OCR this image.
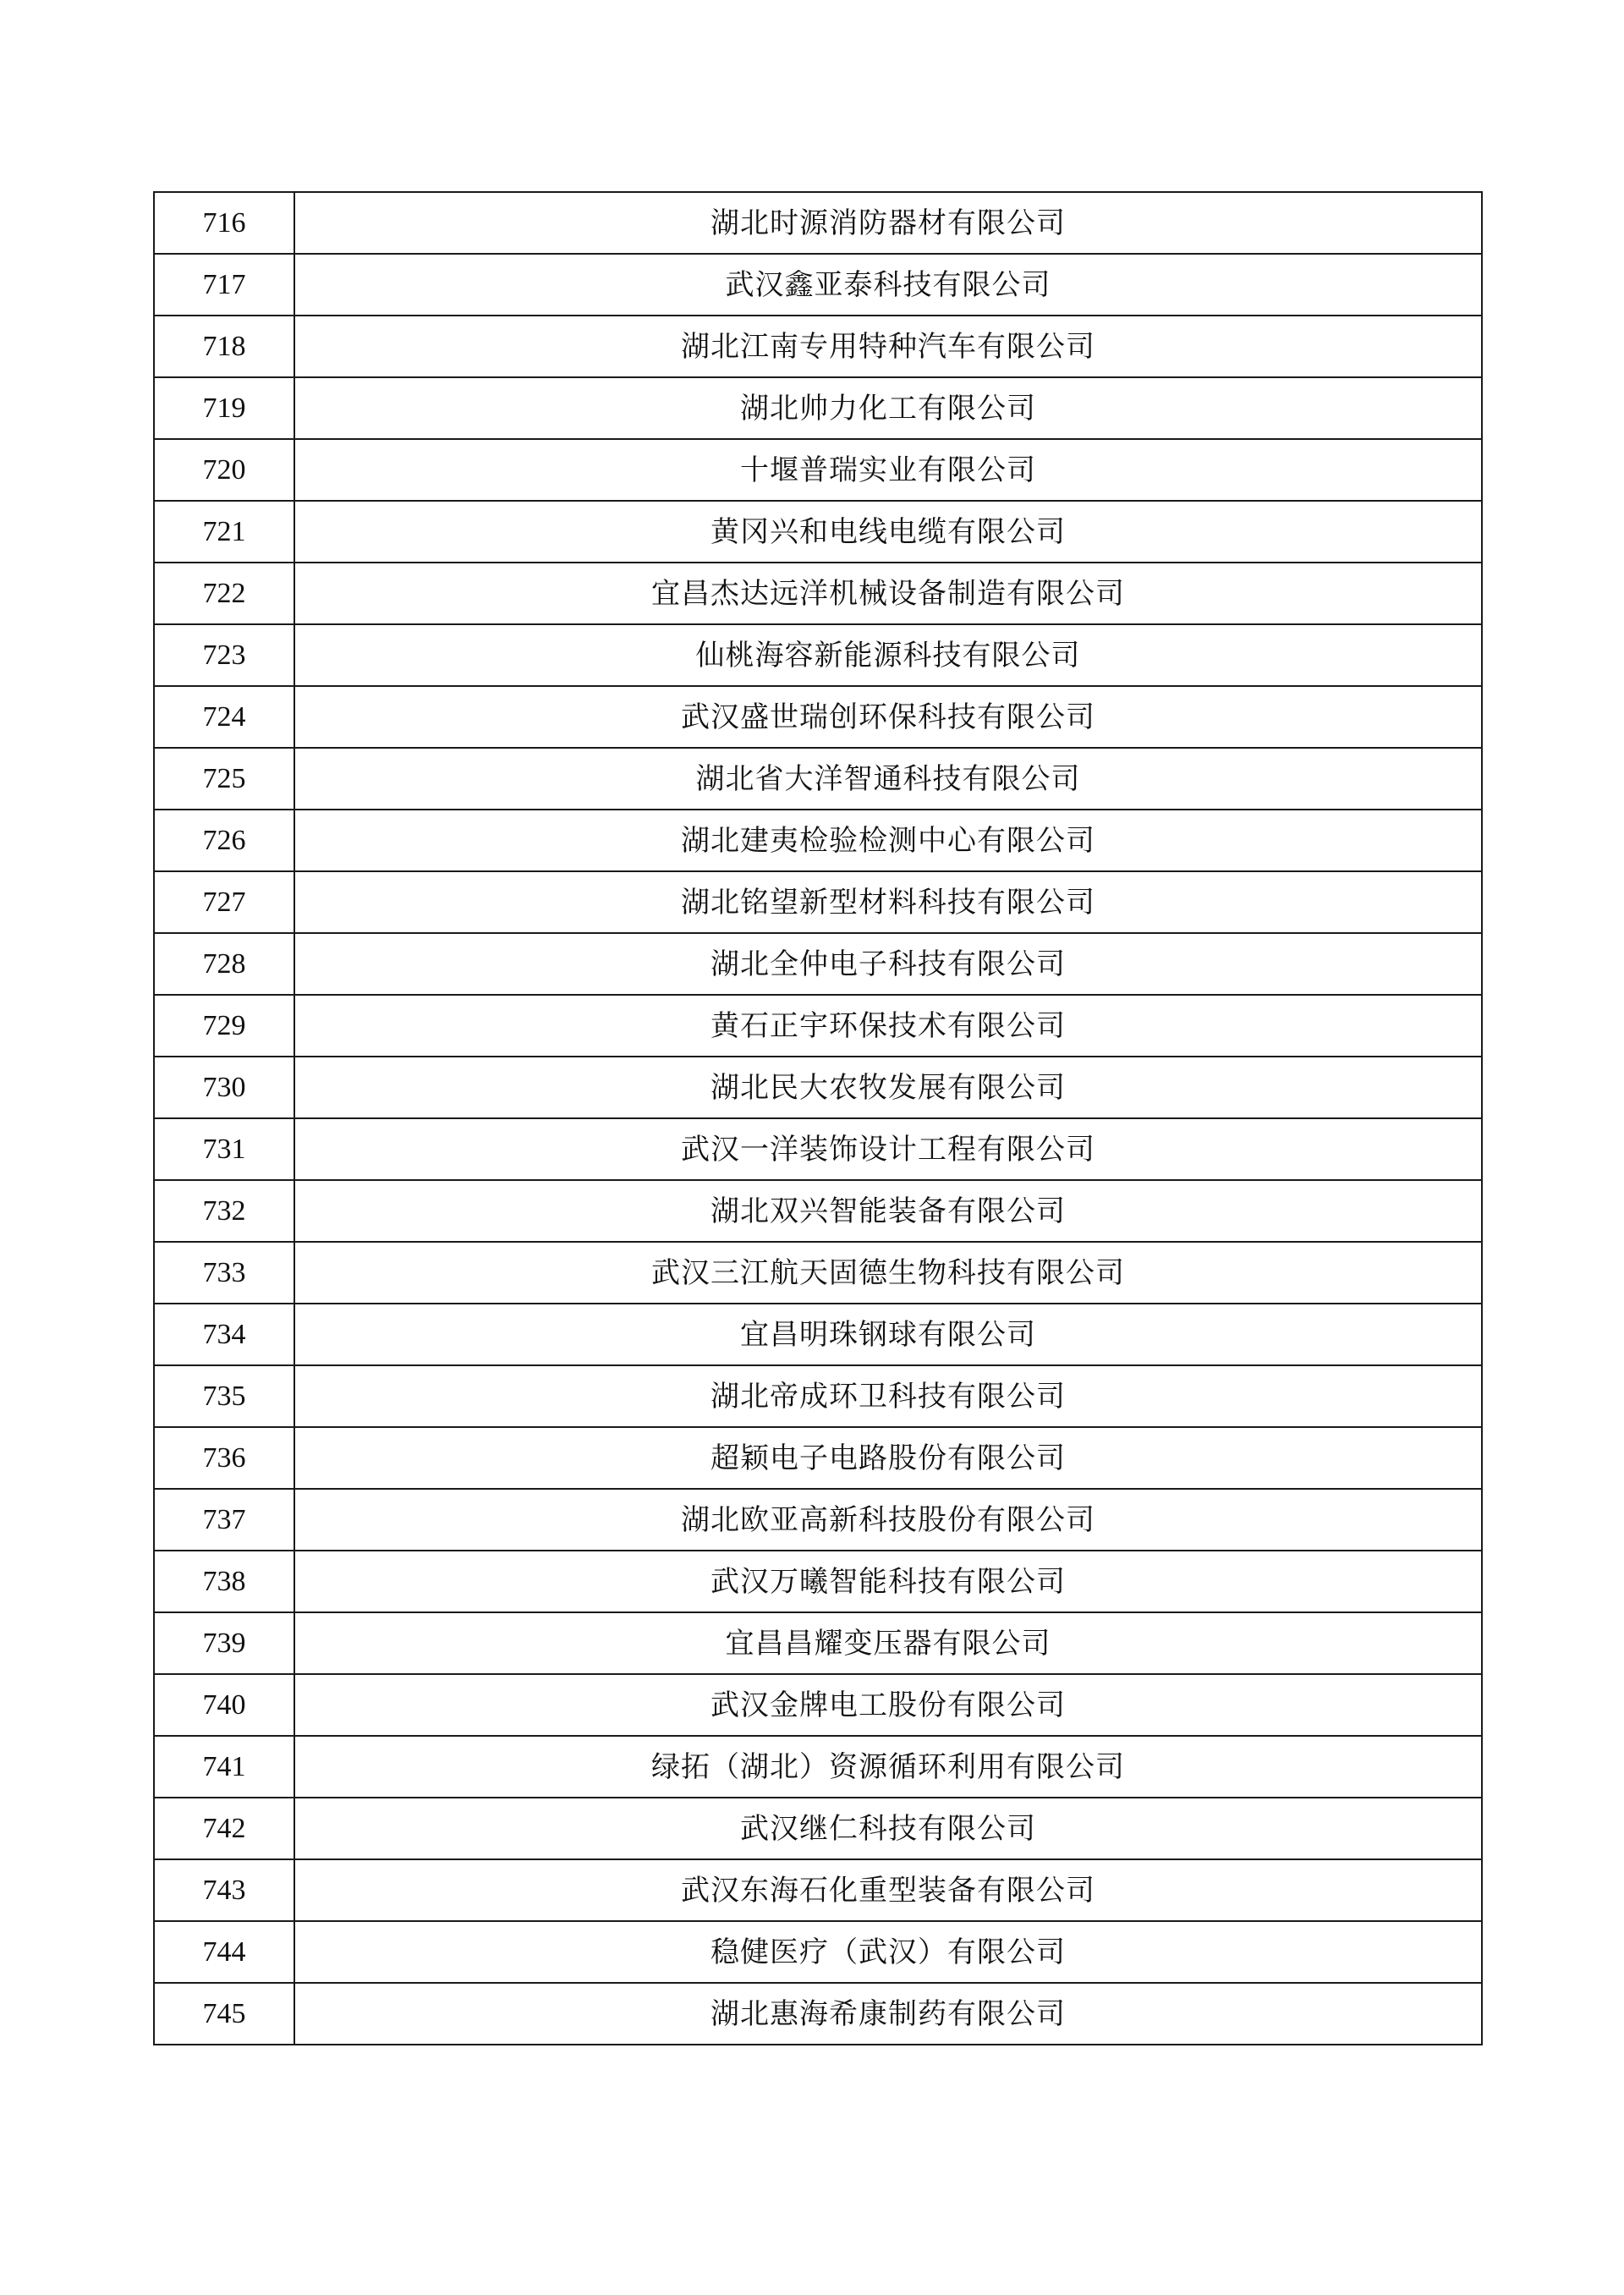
716	湖北时源消防器材有限公司
717	武汉鑫亚泰科技有限公司
718	湖北江南专用特种汽车有限公司
719	湖北帅力化工有限公司
720	十堰普瑞实业有限公司
721	黄冈兴和电线电缆有限公司
722	宜昌杰达远洋机械设备制造有限公司
723	仙桃海容新能源科技有限公司
724	武汉盛世瑞创环保科技有限公司
725	湖北省大洋智通科技有限公司
726	湖北建夷检验检测中心有限公司
727	湖北铭望新型材料科技有限公司
728	湖北全仲电子科技有限公司
729	黄石正宇环保技术有限公司
730	湖北民大农牧发展有限公司
731	武汉一洋装饰设计工程有限公司
732	湖北双兴智能装备有限公司
733	武汉三江航天固德生物科技有限公司
734	宜昌明珠钢球有限公司
735	湖北帝成环卫科技有限公司
736	超颖电子电路股份有限公司
737	湖北欧亚高新科技股份有限公司
738	武汉万曦智能科技有限公司
739	宜昌昌耀变压器有限公司
740	武汉金牌电工股份有限公司
741	绿拓（湖北）资源循环利用有限公司
742	武汉继仁科技有限公司
743	武汉东海石化重型装备有限公司
744	稳健医疗（武汉）有限公司
745	湖北惠海希康制药有限公司
